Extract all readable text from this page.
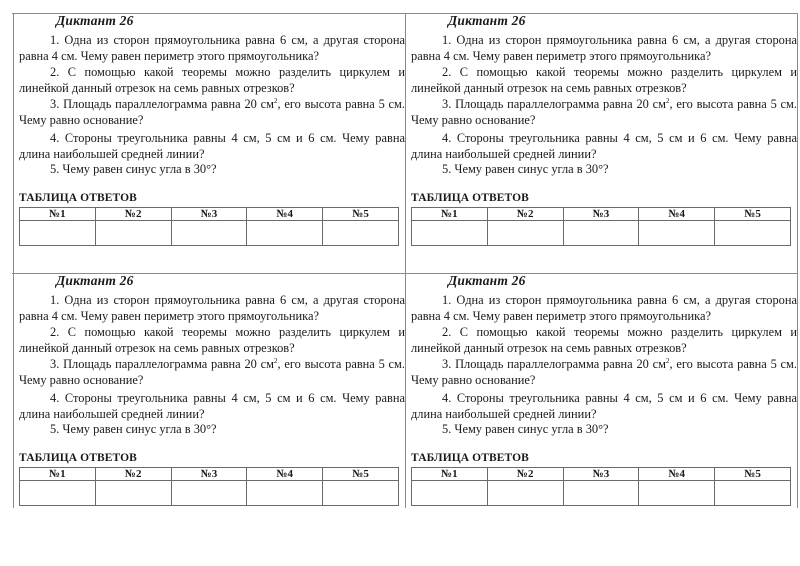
Диктант 26
1. Одна из сторон прямоугольника равна 6 см, а другая сторона равна 4 см. Чему равен периметр этого прямоугольника?
2. С помощью какой теоремы можно разделить циркулем и линейкой данный отрезок на семь равных отрезков?
3. Площадь параллелограмма равна 20 $см^2$, его высота равна 5 см. Чему равно основание?
4. Стороны треугольника равны 4 см, 5 см и 6 см. Чему равна длина наибольшей средней линии?
5. Чему равен синус угла в 30°?
ТАБЛИЦА ОТВЕТОВ
№1	№2	№3	№4	№5

Диктант 26
1. Одна из сторон прямоугольника равна 6 см, а другая сторона равна 4 см. Чему равен периметр этого прямоугольника?
2. С помощью какой теоремы можно разделить циркулем и линейкой данный отрезок на семь равных отрезков?
3. Площадь параллелограмма равна 20 $см^2$, его высота равна 5 см. Чему равно основание?
4. Стороны треугольника равны 4 см, 5 см и 6 см. Чему равна длина наибольшей средней линии?
5. Чему равен синус угла в 30°?
ТАБЛИЦА ОТВЕТОВ
№1	№2	№3	№4	№5

Диктант 26
1. Одна из сторон прямоугольника равна 6 см, а другая сторона равна 4 см. Чему равен периметр этого прямоугольника?
2. С помощью какой теоремы можно разделить циркулем и линейкой данный отрезок на семь равных отрезков?
3. Площадь параллелограмма равна 20 $см^2$, его высота равна 5 см. Чему равно основание?
4. Стороны треугольника равны 4 см, 5 см и 6 см. Чему равна длина наибольшей средней линии?
5. Чему равен синус угла в 30°?
ТАБЛИЦА ОТВЕТОВ
№1	№2	№3	№4	№5

Диктант 26
1. Одна из сторон прямоугольника равна 6 см, а другая сторона равна 4 см. Чему равен периметр этого прямоугольника?
2. С помощью какой теоремы можно разделить циркулем и линейкой данный отрезок на семь равных отрезков?
3. Площадь параллелограмма равна 20 $см^2$, его высота равна 5 см. Чему равно основание?
4. Стороны треугольника равны 4 см, 5 см и 6 см. Чему равна длина наибольшей средней линии?
5. Чему равен синус угла в 30°?
ТАБЛИЦА ОТВЕТОВ
№1	№2	№3	№4	№5
